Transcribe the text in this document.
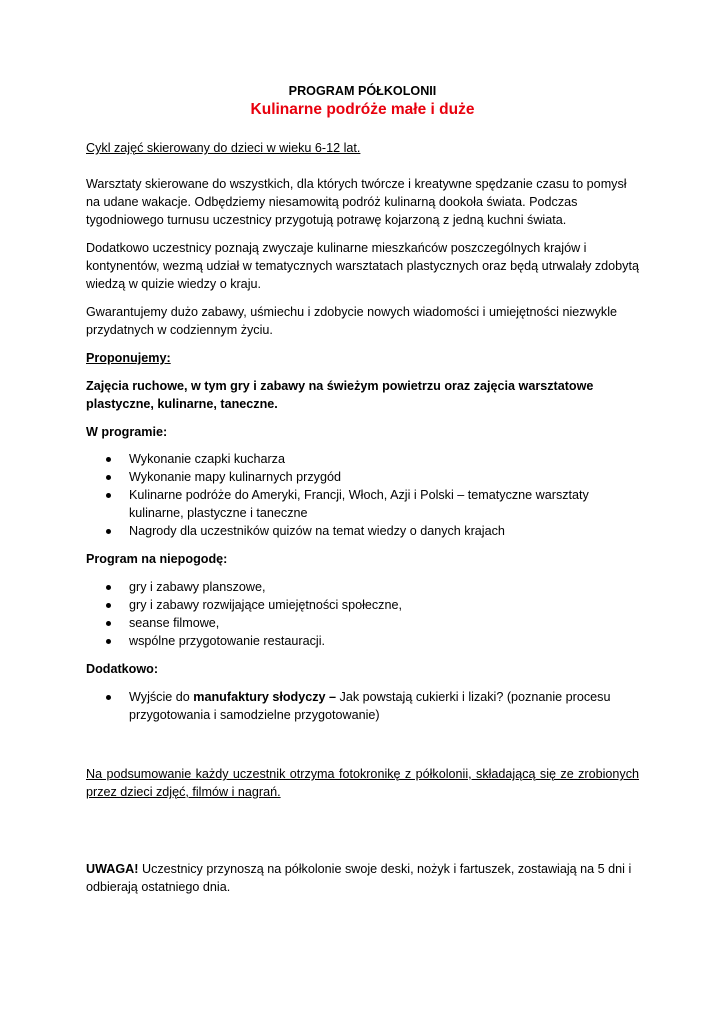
PROGRAM PÓŁKOLONII

Kulinarne podróże małe i duże

Cykl zajęć skierowany do dzieci w wieku 6-12 lat.

Warsztaty skierowane do wszystkich, dla których twórcze i kreatywne spędzanie czasu to pomysł na udane wakacje. Odbędziemy niesamowitą podróż kulinarną dookoła świata. Podczas tygodniowego turnusu uczestnicy przygotują potrawę kojarzoną z jedną kuchni świata.

Dodatkowo uczestnicy poznają zwyczaje kulinarne mieszkańców poszczególnych krajów i kontynentów, wezmą udział w tematycznych warsztatach plastycznych oraz będą utrwalały zdobytą wiedzą w quizie wiedzy o kraju.

Gwarantujemy dużo zabawy, uśmiechu i zdobycie nowych wiadomości i umiejętności niezwykle przydatnych w codziennym życiu.

Proponujemy:

Zajęcia ruchowe, w tym gry i zabawy na świeżym powietrzu oraz zajęcia warsztatowe plastyczne, kulinarne, taneczne.

W programie:

Wykonanie czapki kucharza
Wykonanie mapy kulinarnych przygód
Kulinarne podróże do Ameryki, Francji, Włoch, Azji i Polski – tematyczne warsztaty kulinarne, plastyczne i taneczne
Nagrody dla uczestników quizów na temat wiedzy o danych krajach

Program na niepogodę:

gry i zabawy planszowe,
gry i zabawy rozwijające umiejętności społeczne,
seanse filmowe,
wspólne przygotowanie restauracji.

Dodatkowo:

Wyjście do manufaktury słodyczy – Jak powstają cukierki i lizaki? (poznanie procesu przygotowania i samodzielne przygotowanie)

Na podsumowanie każdy uczestnik otrzyma fotokronikę z półkolonii, składającą się ze zrobionych przez dzieci zdjęć, filmów i nagrań.

UWAGA! Uczestnicy przynoszą na półkolonie swoje deski, nożyk i fartuszek, zostawiają na 5 dni i odbierają ostatniego dnia.
